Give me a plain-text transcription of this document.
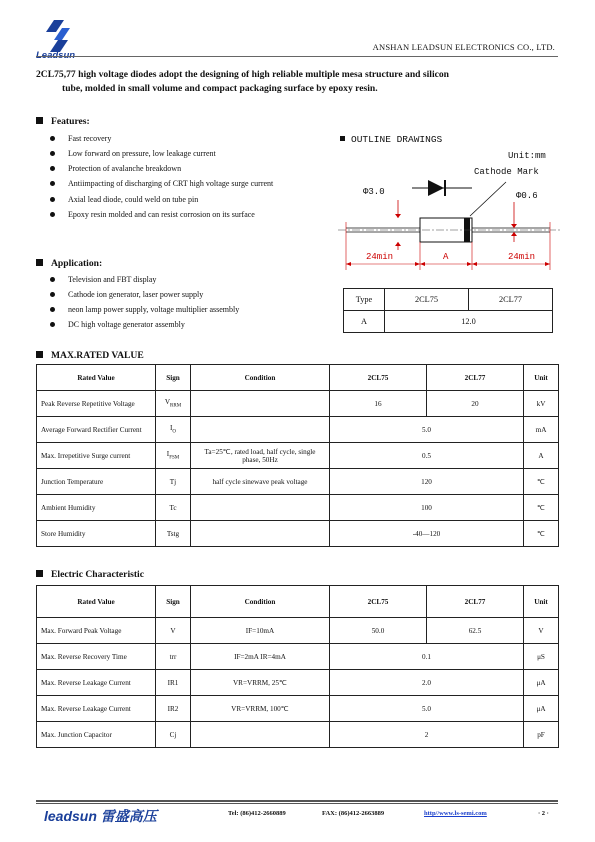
ANSHAN LEADSUN ELECTRONICS CO., LTD.
2CL75,77 high voltage diodes adopt the designing of high reliable multiple mesa structure and silicon
tube, molded in small volume and compact packaging surface by epoxy resin.
Features:
Fast recovery
Low forward on pressure, low leakage current
Protection of avalanche breakdown
Antiimpacting of discharging of CRT high voltage surge current
Axial lead diode, could weld on tube pin
Epoxy resin molded and can resist corrosion on its surface
Application:
Television and FBT display
Cathode ion generator, laser power supply
neon lamp power supply, voltage multiplier assembly
DC high voltage generator assembly
OUTLINE DRAWINGS
Unit:mm
Cathode Mark
Φ3.0	Φ0.6
24min	A	24min
Type	2CL75	2CL77
A	12.0	
MAX.RATED VALUE
Rated Value	Sign	Condition	2CL75	2CL77	Unit
Peak Reverse Repetitive Voltage	$V_{RRM}$		16	20	kV
Average Forward Rectifier Current	$I_O$		5.0		mA
Max. Irrepetitive Surge current	$I_{FSM}$	Ta=25℃, rated load, half cycle, single phase, 50Hz	0.5		A
Junction Temperature	Tj	half cycle sinewave peak voltage	120		℃
Ambient Humidity	Tc		100		℃
Store Humidity	Tstg		-40—120		℃
Electric Characteristic
Rated Value	Sign	Condition	2CL75	2CL77	Unit
Max. Forward Peak Voltage	V	IF=10mA	50.0	62.5	V
Max. Reverse Recovery Time	trr	IF=2mA IR=4mA	0.1		μS
Max. Reverse Leakage Current	IR1	VR=VRRM, 25℃	2.0		μA
Max. Reverse Leakage Current	IR2	VR=VRRM, 100℃	5.0		μA
Max. Junction Capacitor	Cj		2		pF
leadsun 雷盛高压	Tel: (86)412-2660889	FAX: (86)412-2663889	http//www.ls-semi.com	· 2 ·
